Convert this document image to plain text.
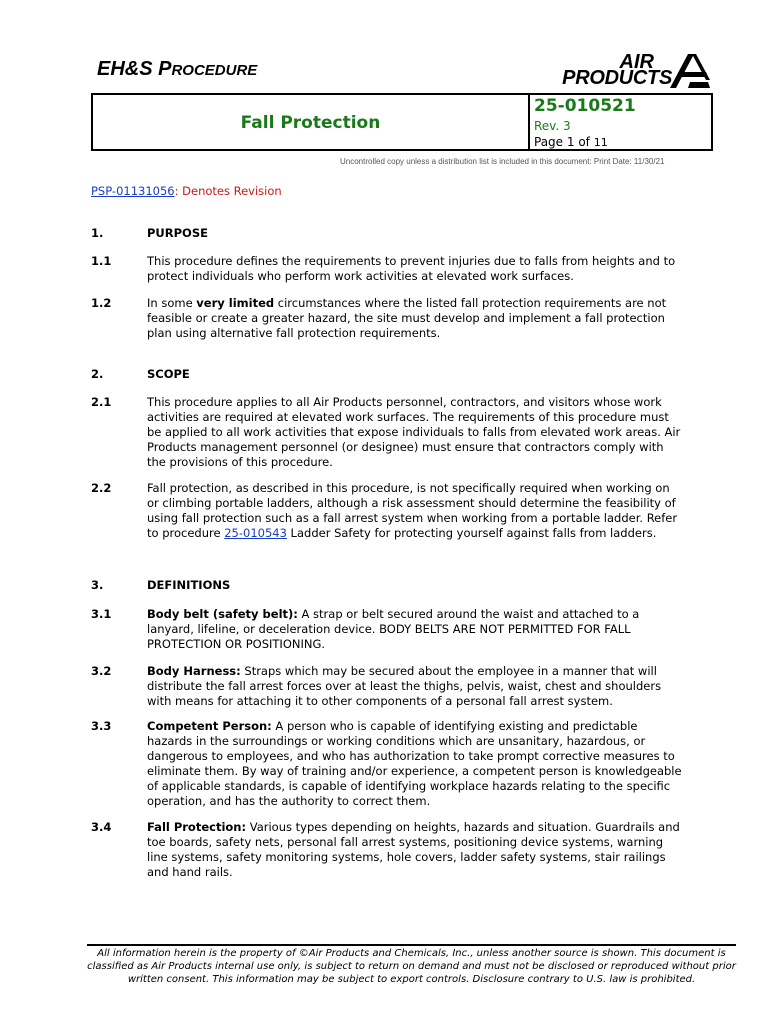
EH&S PROCEDURE	AIR
PRODUCTS
Fall Protection
25-010521
Rev. 3
Page 1 of 11
Uncontrolled copy unless a distribution list is included in this document: Print Date: 11/30/21
PSP-01131056: Denotes Revision
1.	PURPOSE
1.1	This procedure defines the requirements to prevent injuries due to falls from heights and to protect individuals who perform work activities at elevated work surfaces.
1.2	In some very limited circumstances where the listed fall protection requirements are not feasible or create a greater hazard, the site must develop and implement a fall protection plan using alternative fall protection requirements.
2.	SCOPE
2.1	This procedure applies to all Air Products personnel, contractors, and visitors whose work activities are required at elevated work surfaces. The requirements of this procedure must be applied to all work activities that expose individuals to falls from elevated work areas. Air Products management personnel (or designee) must ensure that contractors comply with the provisions of this procedure.
2.2	Fall protection, as described in this procedure, is not specifically required when working on or climbing portable ladders, although a risk assessment should determine the feasibility of using fall protection such as a fall arrest system when working from a portable ladder. Refer to procedure 25-010543 Ladder Safety for protecting yourself against falls from ladders.
3.	DEFINITIONS
3.1	Body belt (safety belt): A strap or belt secured around the waist and attached to a lanyard, lifeline, or deceleration device. BODY BELTS ARE NOT PERMITTED FOR FALL PROTECTION OR POSITIONING.
3.2	Body Harness: Straps which may be secured about the employee in a manner that will distribute the fall arrest forces over at least the thighs, pelvis, waist, chest and shoulders with means for attaching it to other components of a personal fall arrest system.
3.3	Competent Person: A person who is capable of identifying existing and predictable hazards in the surroundings or working conditions which are unsanitary, hazardous, or dangerous to employees, and who has authorization to take prompt corrective measures to eliminate them. By way of training and/or experience, a competent person is knowledgeable of applicable standards, is capable of identifying workplace hazards relating to the specific operation, and has the authority to correct them.
3.4	Fall Protection: Various types depending on heights, hazards and situation. Guardrails and toe boards, safety nets, personal fall arrest systems, positioning device systems, warning line systems, safety monitoring systems, hole covers, ladder safety systems, stair railings and hand rails.
All information herein is the property of ©Air Products and Chemicals, Inc., unless another source is shown. This document is classified as Air Products internal use only, is subject to return on demand and must not be disclosed or reproduced without prior written consent. This information may be subject to export controls. Disclosure contrary to U.S. law is prohibited.
